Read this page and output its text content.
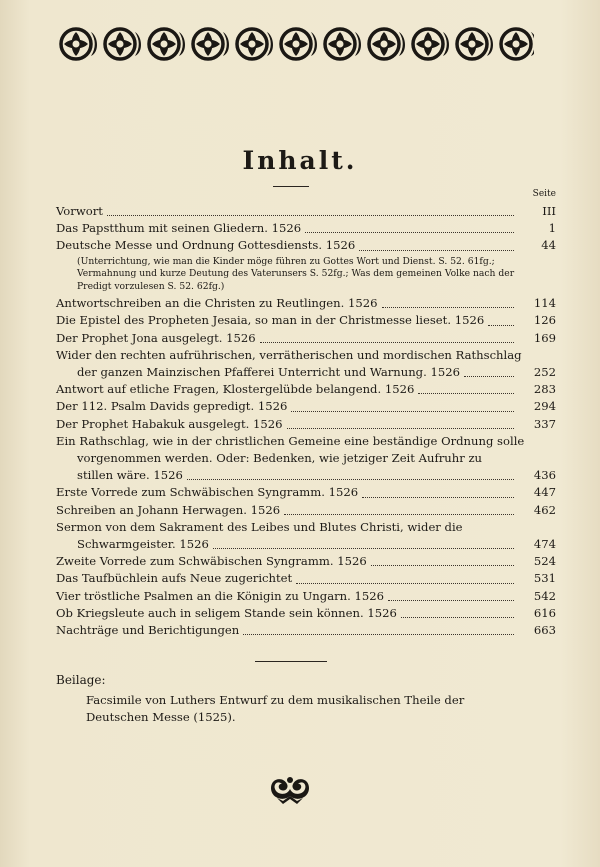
Inhalt.
Seite
Vorwort	III
Das Papstthum mit seinen Gliedern. 1526	1
Deutsche Messe und Ordnung Gottesdiensts. 1526	44
(Unterrichtung, wie man die Kinder möge führen zu Gottes Wort und Dienst. S. 52. 61fg.; Vermahnung und kurze Deutung des Vaterunsers S. 52fg.; Was dem gemeinen Volke nach der Predigt vorzulesen S. 52. 62fg.)
Antwortschreiben an die Christen zu Reutlingen. 1526	114
Die Epistel des Propheten Jesaia, so man in der Christmesse lieset. 1526	126
Der Prophet Jona ausgelegt. 1526	169
Wider den rechten aufrührischen, verrätherischen und mordischen Rathschlag
der ganzen Mainzischen Pfafferei Unterricht und Warnung. 1526	252
Antwort auf etliche Fragen, Klostergelübde belangend. 1526	283
Der 112. Psalm Davids gepredigt. 1526	294
Der Prophet Habakuk ausgelegt. 1526	337
Ein Rathschlag, wie in der christlichen Gemeine eine beständige Ordnung solle
vorgenommen werden. Oder: Bedenken, wie jetziger Zeit Aufruhr zu
stillen wäre. 1526	436
Erste Vorrede zum Schwäbischen Syngramm. 1526	447
Schreiben an Johann Herwagen. 1526	462
Sermon von dem Sakrament des Leibes und Blutes Christi, wider die
Schwarmgeister. 1526	474
Zweite Vorrede zum Schwäbischen Syngramm. 1526	524
Das Taufbüchlein aufs Neue zugerichtet	531
Vier tröstliche Psalmen an die Königin zu Ungarn. 1526	542
Ob Kriegsleute auch in seligem Stande sein können. 1526	616
Nachträge und Berichtigungen	663
Beilage:
Facsimile von Luthers Entwurf zu dem musikalischen Theile der Deutschen Messe (1525).
